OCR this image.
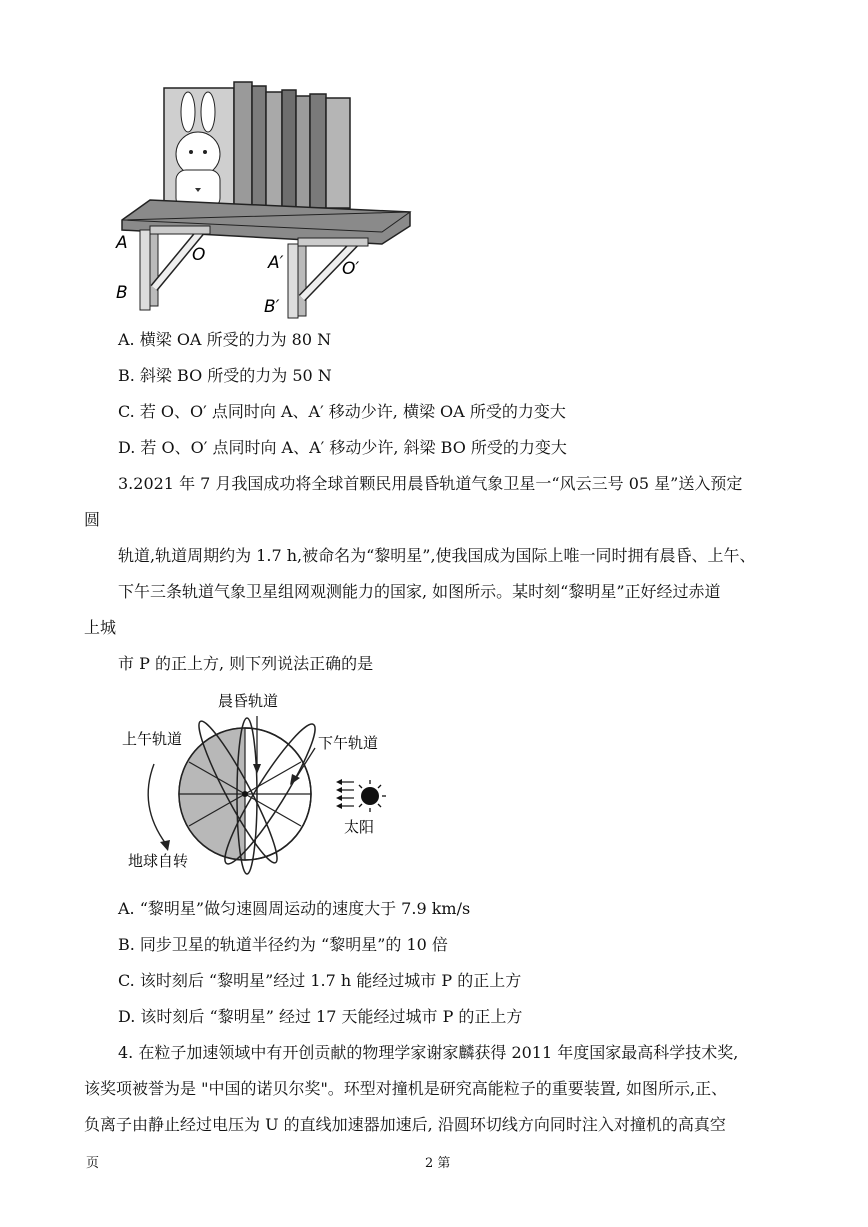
A
O
B
A′	O′
B′
A. 横梁 OA 所受的力为 80 N
B. 斜梁 BO 所受的力为 50 N
C. 若 O、O′ 点同时向 A、A′ 移动少许, 横梁 OA 所受的力变大
D. 若 O、O′ 点同时向 A、A′ 移动少许, 斜梁 BO 所受的力变大
3.2021 年 7 月我国成功将全球首颗民用晨昏轨道气象卫星一“风云三号 05 星”送入预定
圆
轨道,轨道周期约为 1.7 h,被命名为“黎明星”,使我国成为国际上唯一同时拥有晨昏、上午、
下午三条轨道气象卫星组网观测能力的国家, 如图所示。某时刻“黎明星”正好经过赤道
上城
市 P 的正上方, 则下列说法正确的是
晨昏轨道
上午轨道	下午轨道
太阳
地球自转
A. “黎明星”做匀速圆周运动的速度大于 7.9 km/s
B. 同步卫星的轨道半径约为 “黎明星”的 10 倍
C. 该时刻后 “黎明星”经过 1.7 h 能经过城市 P 的正上方
D. 该时刻后 “黎明星” 经过 17 天能经过城市 P 的正上方
4. 在粒子加速领域中有开创贡献的物理学家谢家麟获得 2011 年度国家最高科学技术奖,
该奖项被誉为是 "中国的诺贝尔奖"。环型对撞机是研究高能粒子的重要装置, 如图所示,正、
负离子由静止经过电压为 U 的直线加速器加速后, 沿圆环切线方向同时注入对撞机的高真空
页	2 第
